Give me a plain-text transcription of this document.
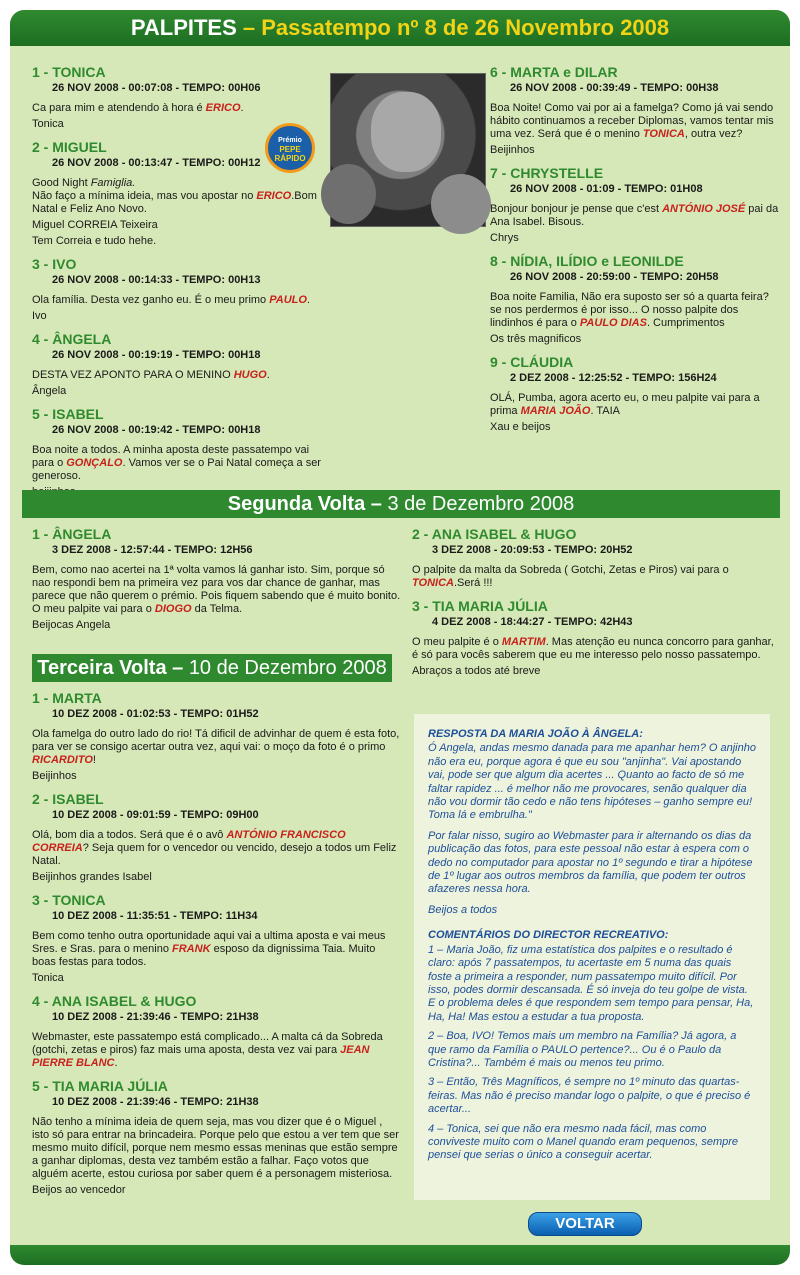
PALPITES – Passatempo nº 8 de 26 Novembro 2008
1 - TONICA
26 NOV 2008 - 00:07:08 - TEMPO: 00H06

Ca para mim e atendendo à hora é ERICO.

Tonica

2 - MIGUEL
26 NOV 2008 - 00:13:47 - TEMPO: 00H12

Good Night Famiglia.
Não faço a mínima ideia, mas vou apostar no ERICO.Bom Natal e Feliz Ano Novo.

Miguel CORREIA Teixeira

Tem Correia e tudo hehe.

3 - IVO
26 NOV 2008 - 00:14:33 - TEMPO: 00H13

Ola família. Desta vez ganho eu. É o meu primo PAULO.

Ivo

4 - ÂNGELA
26 NOV 2008 - 00:19:19 - TEMPO: 00H18

DESTA VEZ APONTO PARA O MENINO HUGO.

Ângela

5 - ISABEL
26 NOV 2008 - 00:19:42 - TEMPO: 00H18

Boa noite a todos. A minha aposta deste passatempo vai para o GONÇALO. Vamos ver se o Pai Natal começa a ser generoso.

Prémio
PEPE RÁPIDO
6 - MARTA e DILAR
26 NOV 2008 - 00:39:49 - TEMPO: 00H38

Boa Noite! Como vai por ai a famelga? Como já vai sendo hábito continuamos a receber Diplomas, vamos tentar mis uma vez. Será que é o menino TONICA, outra vez?

Beijinhos

7 - CHRYSTELLE
26 NOV 2008 - 01:09 - TEMPO: 01H08

Bonjour bonjour je pense que c'est ANTÓNIO JOSÉ pai da Ana Isabel. Bisous.

Chrys

8 - NÍDIA, ILÍDIO e LEONILDE
26 NOV 2008 - 20:59:00 - TEMPO: 20H58

Boa noite Familia, Não era suposto ser só a quarta feira? se nos perdermos é por isso... O nosso palpite dos lindinhos é para o PAULO DIAS. Cumprimentos

Os três magnificos

9 - CLÁUDIA
2 DEZ 2008 - 12:25:52 - TEMPO: 156H24

OLÁ, Pumba, agora acerto eu, o meu palpite vai para a prima MARIA JOÃO. TAIA

Xau e beijos

Segunda Volta – 3 de Dezembro 2008
1 - ÂNGELA
3 DEZ 2008 - 12:57:44 - TEMPO: 12H56

Bem, como nao acertei na 1ª volta vamos lá ganhar isto. Sim, porque só nao respondi bem na primeira vez para vos dar chance de ganhar, mas parece que não querem o prémio. Pois fiquem sabendo que é muito bonito. O meu palpite vai para o DIOGO da Telma.

Beijocas Angela

2 - ANA ISABEL & HUGO
3 DEZ 2008 - 20:09:53 - TEMPO: 20H52

O palpite da malta da Sobreda ( Gotchi, Zetas e Piros) vai para o TONICA.Será !!!

3 - TIA MARIA JÚLIA
4 DEZ 2008 - 18:44:27 - TEMPO: 42H43

O meu palpite é o MARTIM. Mas atenção eu nunca concorro para ganhar, é só para vocês saberem que eu me interesso pelo nosso passatempo.

Abraços a todos até breve

Terceira Volta – 10 de Dezembro 2008
1 - MARTA
10 DEZ 2008 - 01:02:53 - TEMPO: 01H52

Ola famelga do outro lado do rio! Tá dificil de advinhar de quem é esta foto, para ver se consigo acertar outra vez, aqui vai: o moço da foto é o primo RICARDITO!

Beijinhos

2 - ISABEL
10 DEZ 2008 - 09:01:59 - TEMPO: 09H00

Olá, bom dia a todos. Será que é o avô ANTÓNIO FRANCISCO CORREIA? Seja quem for o vencedor ou vencido, desejo a todos um Feliz Natal.

Beijinhos grandes Isabel

3 - TONICA
10 DEZ 2008 - 11:35:51 - TEMPO: 11H34

Bem como tenho outra oportunidade aqui vai a ultima aposta e vai meus Sres. e Sras. para o menino FRANK esposo da dignissima Taia. Muito boas festas para todos.

Tonica

4 - ANA ISABEL & HUGO
10 DEZ 2008 - 21:39:46 - TEMPO: 21H38

Webmaster, este passatempo está complicado... A malta cá da Sobreda (gotchi, zetas e piros) faz mais uma aposta, desta vez vai para JEAN PIERRE BLANC.

5 - TIA MARIA JÚLIA
10 DEZ 2008 - 21:39:46 - TEMPO: 21H38

Não tenho a mínima ideia de quem seja, mas vou dizer que é o Miguel , isto só para entrar na brincadeira. Porque pelo que estou a ver tem que ser mesmo muito difícil, porque nem mesmo essas meninas que estão sempre a ganhar diplomas, desta vez também estão a falhar. Faço votos que alguém acerte, estou curiosa por saber quem é a personagem misteriosa.

Beijos ao vencedor

RESPOSTA DA MARIA JOÃO À ÂNGELA:

Ó Angela, andas mesmo danada para me apanhar hem? O anjinho não era eu, porque agora é que eu sou "anjinha". Vai apostando vai, pode ser que algum dia acertes ... Quanto ao facto de só me faltar rapidez ... é melhor não me provocares, senão qualquer dia não vou dormir tão cedo e não tens hipóteses – ganho sempre eu! Toma lá e embrulha."

Por falar nisso, sugiro ao Webmaster para ir alternando os dias da publicação das fotos, para este pessoal não estar à espera com o dedo no computador para apostar no 1º segundo e tirar a hipótese de 1º lugar aos outros membros da família, que podem ter outros afazeres nessa hora.

Beijos a todos

COMENTÁRIOS DO DIRECTOR RECREATIVO:
1 – Maria João, fiz uma estatística dos palpites e o resultado é claro: após 7 passatempos, tu acertaste em 5 numa das quais foste a primeira a responder, num passatempo muito difícil. Por isso, podes dormir descansada. É só inveja do teu golpe de vista. E o problema deles é que respondem sem tempo para pensar, Ha, Ha, Ha! Mas estou a estudar a tua proposta.
2 – Boa, IVO! Temos mais um membro na Família? Já agora, a que ramo da Família o PAULO pertence?... Ou é o Paulo da Cristina?... Também é mais ou menos teu primo.
3 – Então, Três Magníficos, é sempre no 1º minuto das quartas-feiras. Mas não é preciso mandar logo o palpite, o que é preciso é acertar...
4 – Tonica, sei que não era mesmo nada fácil, mas como conviveste muito com o Manel quando eram pequenos, sempre pensei que serias o único a conseguir acertar.
VOLTAR
